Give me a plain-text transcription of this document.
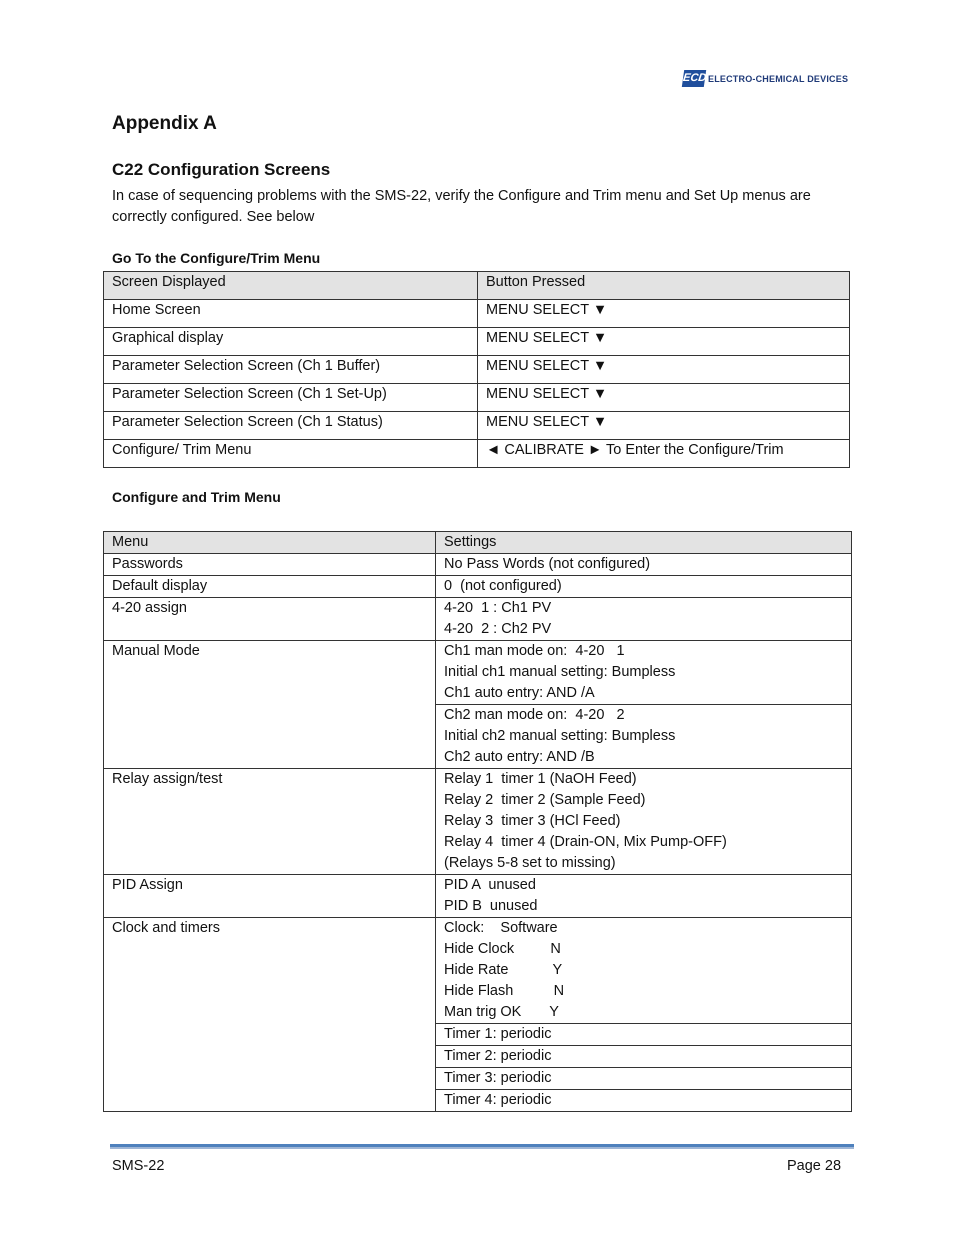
ECD ELECTRO-CHEMICAL DEVICES
Appendix A
C22 Configuration Screens

In case of sequencing problems with the SMS-22, verify the Configure and Trim menu and Set Up menus are correctly configured. See below

Go To the Configure/Trim Menu
Screen Displayed	Button Pressed
Home Screen	MENU SELECT ▼
Graphical display	MENU SELECT ▼
Parameter Selection Screen (Ch 1 Buffer)	MENU SELECT ▼
Parameter Selection Screen (Ch 1 Set-Up)	MENU SELECT ▼
Parameter Selection Screen (Ch 1 Status)	MENU SELECT ▼
Configure/ Trim Menu	◄ CALIBRATE ► To Enter the Configure/Trim
Configure and Trim Menu
Menu	Settings
Passwords	No Pass Words (not configured)

Default display	0  (not configured)

4-20 assign	4-20  1 : Ch1 PV
4-20  2 : Ch2 PV

Manual Mode	Ch1 man mode on:  4-20   1
Initial ch1 manual setting: Bumpless
Ch1 auto entry: AND /A

	Ch2 man mode on:  4-20   2
Initial ch2 manual setting: Bumpless
Ch2 auto entry: AND /B

Relay assign/test	Relay 1  timer 1 (NaOH Feed)
Relay 2  timer 2 (Sample Feed)
Relay 3  timer 3 (HCl Feed)
Relay 4  timer 4 (Drain-ON, Mix Pump-OFF)
(Relays 5-8 set to missing)

PID Assign	PID A  unused
PID B  unused

Clock and timers	Clock:    Software
Hide Clock         N
Hide Rate           Y
Hide Flash          N
Man trig OK       Y

	Timer 1: periodic
	Timer 2: periodic
	Timer 3: periodic
	Timer 4: periodic
SMS-22	Page 28
